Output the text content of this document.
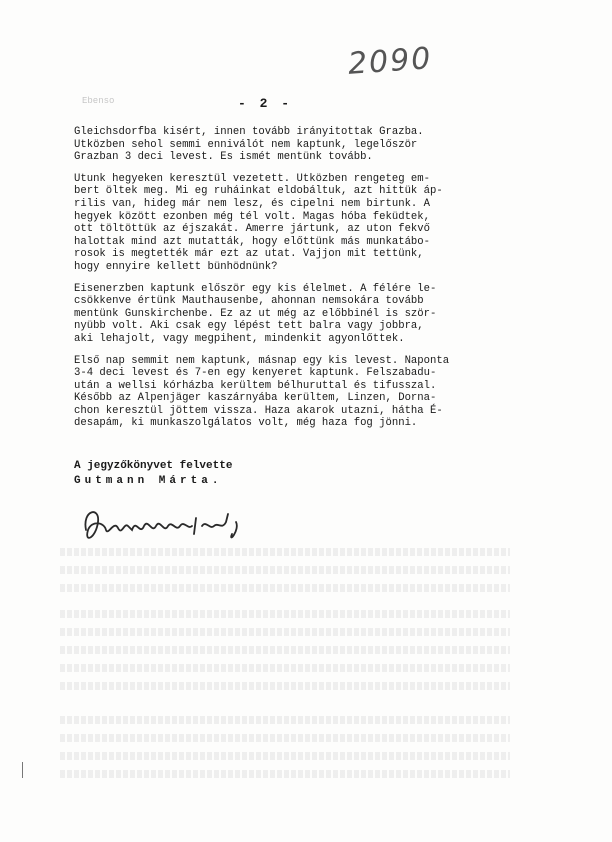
2090
Ebenso	- 2 -
Gleichsdorfba kisért, innen tovább irányitottak Grazba.
Utközben sehol semmi enniválót nem kaptunk, legelőször
Grazban 3 deci levest. Es ismét mentünk tovább.
Utunk hegyeken keresztül vezetett. Utközben rengeteg em-
bert öltek meg. Mi eg ruháinkat eldobáltuk, azt hittük áp-
rilis van, hideg már nem lesz, és cipelni nem birtunk. A
hegyek között ezonben még tél volt. Magas hóba feküdtek,
ott töltöttük az éjszakát. Amerre jártunk, az uton fekvő
halottak mind azt mutatták, hogy előttünk más munkatábo-
rosok is megtették már ezt az utat. Vajjon mit tettünk,
hogy ennyire kellett bünhödnünk?
Eisenerzben kaptunk először egy kis élelmet. A félére le-
csökkenve értünk Mauthausenbe, ahonnan nemsokára tovább
mentünk Gunskirchenbe. Ez az ut még az előbbinél is ször-
nyübb volt. Aki csak egy lépést tett balra vagy jobbra,
aki lehajolt, vagy megpihent, mindenkit agyonlőttek.
Első nap semmit nem kaptunk, másnap egy kis levest. Naponta
3-4 deci levest és 7-en egy kenyeret kaptunk. Felszabadu-
után a wellsi kórházba kerültem bélhuruttal és tifusszal.
Később az Alpenjäger kaszárnyába kerültem, Linzen, Dornа-
chon keresztül jöttem vissza. Haza akarok utazni, hátha É-
desapám, ki munkaszolgálatos volt, még haza fog jönni.
A jegyzőkönyvet felvette
Gutmann Márta.
